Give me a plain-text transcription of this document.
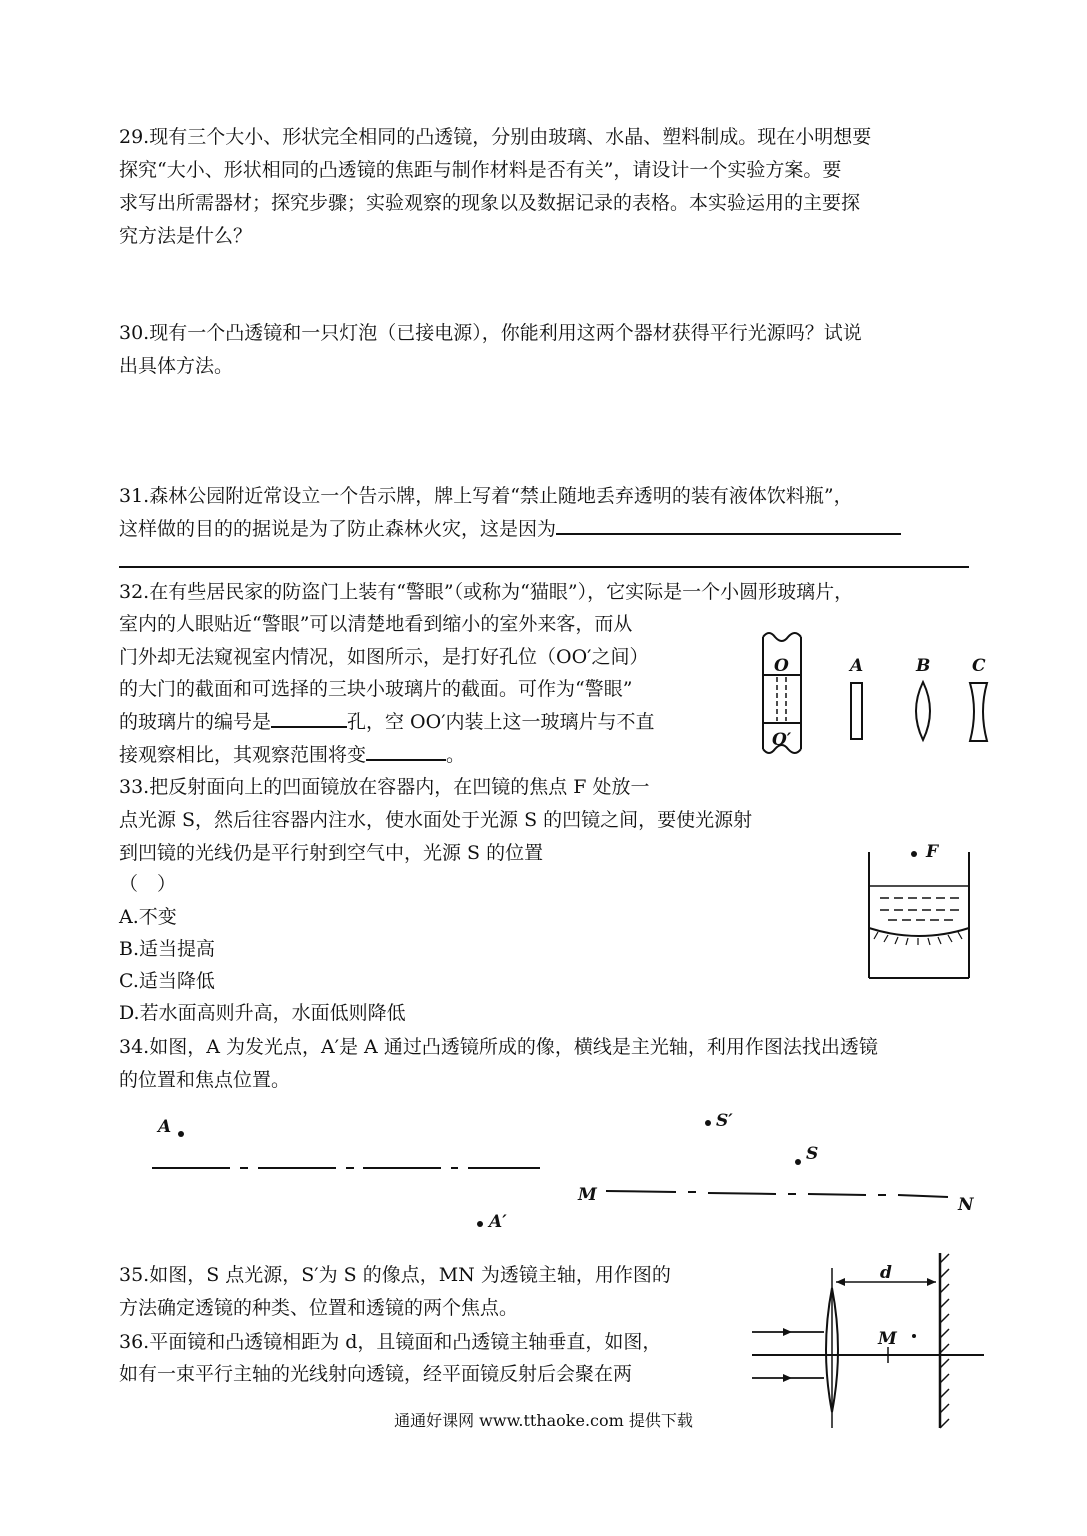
29.现有三个大小、形状完全相同的凸透镜，分别由玻璃、水晶、塑料制成。现在小明想要
探究“大小、形状相同的凸透镜的焦距与制作材料是否有关”，请设计一个实验方案。要
求写出所需器材；探究步骤；实验观察的现象以及数据记录的表格。本实验运用的主要探
究方法是什么？
30.现有一个凸透镜和一只灯泡（已接电源），你能利用这两个器材获得平行光源吗？试说
出具体方法。
31.森林公园附近常设立一个告示牌，牌上写着“禁止随地丢弃透明的装有液体饮料瓶”，
这样做的目的的据说是为了防止森林火灾，这是因为
32.在有些居民家的防盗门上装有“警眼”（或称为“猫眼”），它实际是一个小圆形玻璃片，
室内的人眼贴近“警眼”可以清楚地看到缩小的室外来客，而从
门外却无法窥视室内情况，如图所示，是打好孔位（OO′之间）
的大门的截面和可选择的三块小玻璃片的截面。可作为“警眼”
的玻璃片的编号是	孔，空 OO′内装上这一玻璃片与不直
接观察相比，其观察范围将变	。
O
O′
A	B C
33.把反射面向上的凹面镜放在容器内，在凹镜的焦点 F 处放一
点光源 S，然后往容器内注水，使水面处于光源 S 的凹镜之间，要使光源射
到凹镜的光线仍是平行射到空气中，光源 S 的位置
（　）
A.不变
B.适当提高
C.适当降低
D.若水面高则升高，水面低则降低
F
34.如图，A 为发光点，A′是 A 通过凸透镜所成的像，横线是主光轴，利用作图法找出透镜
的位置和焦点位置。
A
A′
S′
S
M	N
35.如图，S 点光源，S′为 S 的像点，MN 为透镜主轴，用作图的
方法确定透镜的种类、位置和透镜的两个焦点。
36.平面镜和凸透镜相距为 d，且镜面和凸透镜主轴垂直，如图，
如有一束平行主轴的光线射向透镜，经平面镜反射后会聚在两
d
M
通通好课网 www.tthaoke.com 提供下载
